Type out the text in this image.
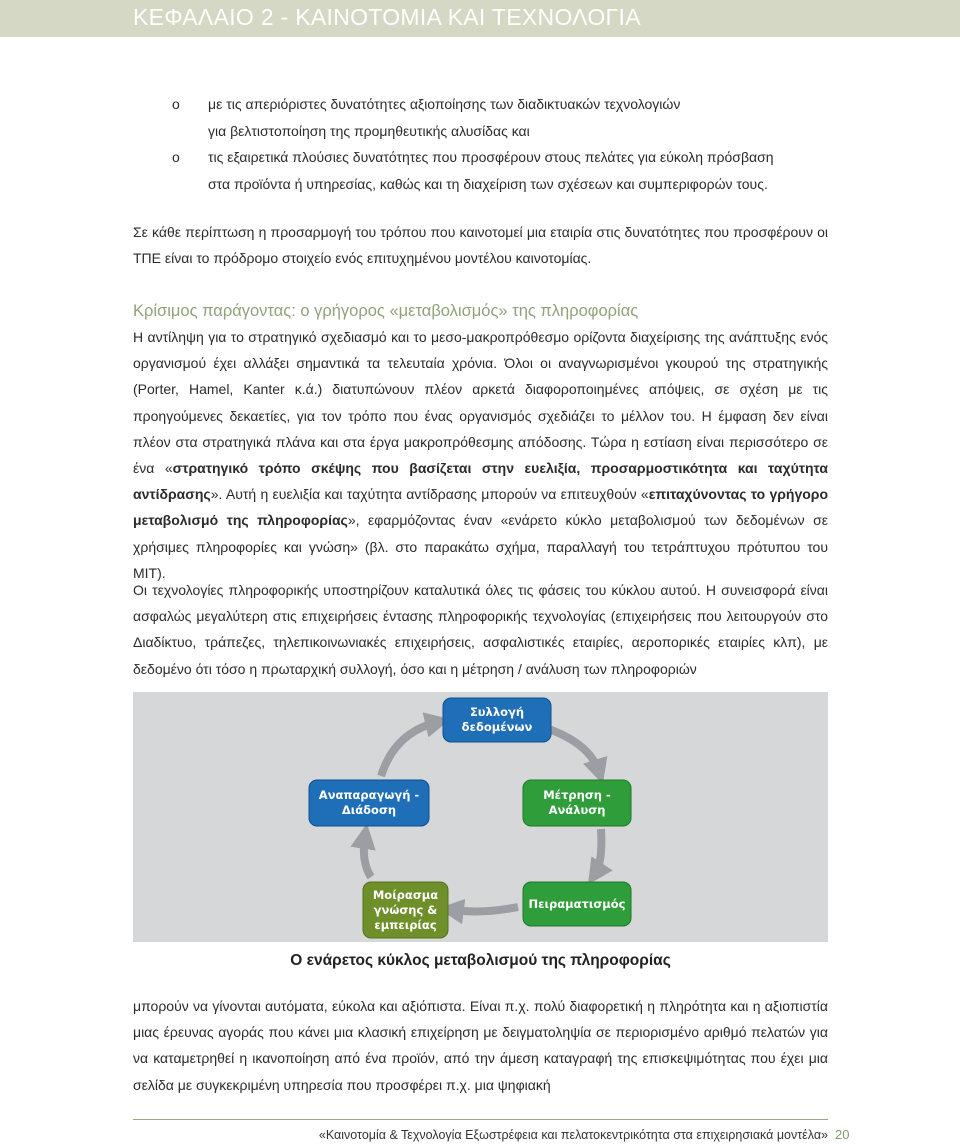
ΚΕΦΑΛΑΙΟ 2 - ΚΑΙΝΟΤΟΜΙΑ ΚΑΙ ΤΕΧΝΟΛΟΓΙΑ
o με τις απεριόριστες δυνατότητες αξιοποίησης των διαδικτυακών τεχνολογιών
για βελτιστοποίηση της προμηθευτικής αλυσίδας και
o τις εξαιρετικά πλούσιες δυνατότητες που προσφέρουν στους πελάτες για εύκολη πρόσβαση
στα προϊόντα ή υπηρεσίας, καθώς και τη διαχείριση των σχέσεων και συμπεριφορών τους.

Σε κάθε περίπτωση η προσαρμογή του τρόπου που καινοτομεί μια εταιρία στις δυνατότητες που προσφέρουν οι ΤΠΕ είναι το πρόδρομο στοιχείο ενός επιτυχημένου μοντέλου καινοτομίας.

Κρίσιμος παράγοντας: ο γρήγορος «μεταβολισμός» της πληροφορίας

Η αντίληψη για το στρατηγικό σχεδιασμό και το μεσο-μακροπρόθεσμο ορίζοντα διαχείρισης της ανάπτυξης ενός οργανισμού έχει αλλάξει σημαντικά τα τελευταία χρόνια. Όλοι οι αναγνωρισμένοι γκουρού της στρατηγικής (Porter, Hamel, Kanter κ.ά.) διατυπώνουν πλέον αρκετά διαφοροποιημένες απόψεις, σε σχέση με τις προηγούμενες δεκαετίες, για τον τρόπο που ένας οργανισμός σχεδιάζει το μέλλον του. Η έμφαση δεν είναι πλέον στα στρατηγικά πλάνα και στα έργα μακροπρόθεσμης απόδοσης. Τώρα η εστίαση είναι περισσότερο σε ένα «στρατηγικό τρόπο σκέψης που βασίζεται στην ευελιξία, προσαρμοστικότητα και ταχύτητα αντίδρασης». Αυτή η ευελιξία και ταχύτητα αντίδρασης μπορούν να επιτευχθούν «επιταχύνοντας το γρήγορο μεταβολισμό της πληροφορίας», εφαρμόζοντας έναν «ενάρετο κύκλο μεταβολισμού των δεδομένων σε χρήσιμες πληροφορίες και γνώση» (βλ. στο παρακάτω σχήμα, παραλλαγή του τετράπτυχου πρότυπου του MIT).

Οι τεχνολογίες πληροφορικής υποστηρίζουν καταλυτικά όλες τις φάσεις του κύκλου αυτού. Η συνεισφορά είναι ασφαλώς μεγαλύτερη στις επιχειρήσεις έντασης πληροφορικής τεχνολογίας (επιχειρήσεις που λειτουργούν στο Διαδίκτυο, τράπεζες, τηλεπικοινωνιακές επιχειρήσεις, ασφαλιστικές εταιρίες, αεροπορικές εταιρίες κλπ), με δεδομένο ότι τόσο η πρωταρχική συλλογή, όσο και η μέτρηση / ανάλυση των πληροφοριών

Συλλογή
δεδομένων
Μέτρηση -
Ανάλυση
Πειραματισμός
Μοίρασμα
γνώσης &
εμπειρίας
Αναπαραγωγή -
Διάδοση
Ο ενάρετος κύκλος μεταβολισμού της πληροφορίας

μπορούν να γίνονται αυτόματα, εύκολα και αξιόπιστα. Είναι π.χ. πολύ διαφορετική η πληρότητα και η αξιοπιστία μιας έρευνας αγοράς που κάνει μια κλασική επιχείρηση με δειγματοληψία σε περιορισμένο αριθμό πελατών για να καταμετρηθεί η ικανοποίηση από ένα προϊόν, από την άμεση καταγραφή της επισκεψιμότητας που έχει μια σελίδα με συγκεκριμένη υπηρεσία που προσφέρει π.χ. μια ψηφιακή

«Καινοτομία & Τεχνολογία Εξωστρέφεια και πελατοκεντρικότητα στα επιχειρησιακά μοντέλα» 20
